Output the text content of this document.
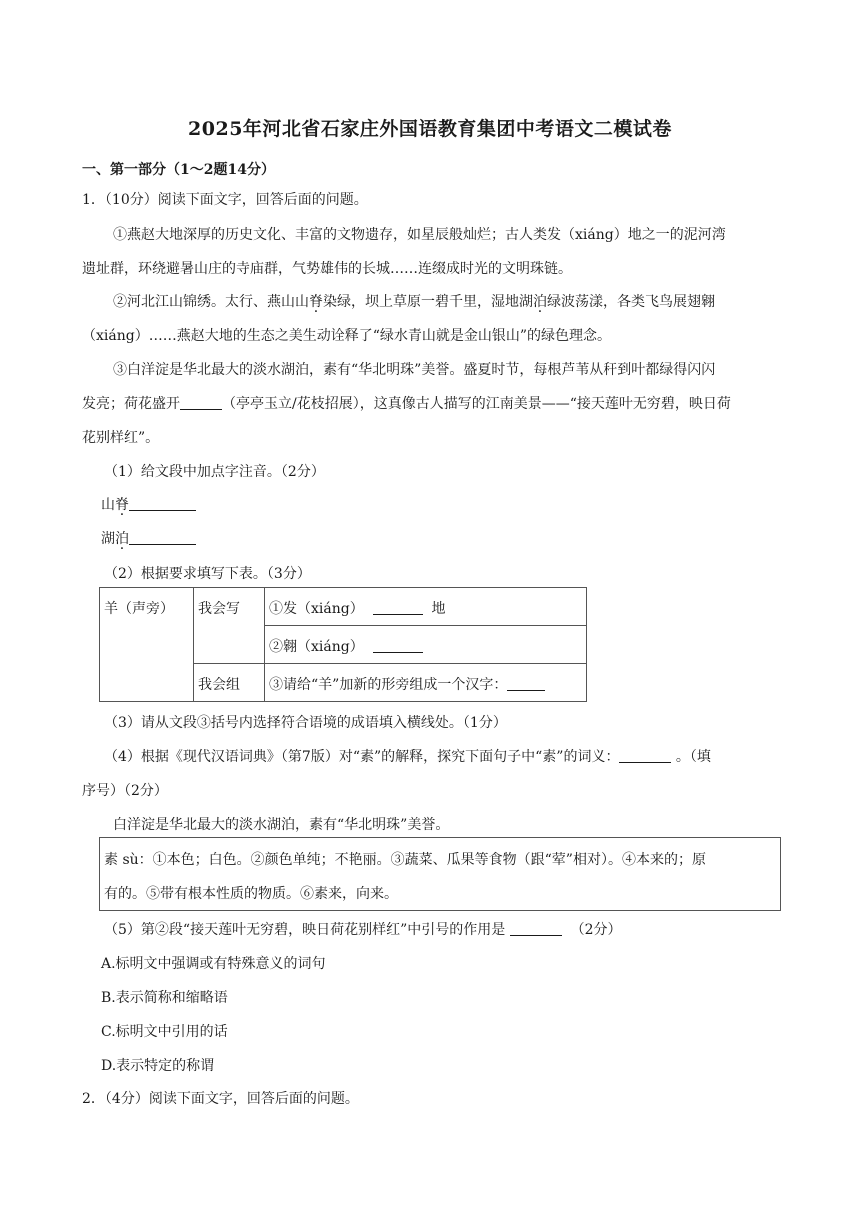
2025年河北省石家庄外国语教育集团中考语文二模试卷
一、第一部分（1～2题14分）
1．（10分）阅读下面文字，回答后面的问题。
①燕赵大地深厚的历史文化、丰富的文物遗存，如星辰般灿烂；古人类发（xiáng）地之一的泥河湾
遗址群，环绕避暑山庄的寺庙群，气势雄伟的长城……连缀成时光的文明珠链。
②河北江山锦绣。太行、燕山山脊染绿，坝上草原一碧千里，湿地湖泊绿波荡漾，各类飞鸟展翅翱
（xiáng）……燕赵大地的生态之美生动诠释了“绿水青山就是金山银山”的绿色理念。
③白洋淀是华北最大的淡水湖泊，素有“华北明珠”美誉。盛夏时节，每根芦苇从秆到叶都绿得闪闪
发亮；荷花盛开	（亭亭玉立/花枝招展），这真像古人描写的江南美景——“接天莲叶无穷碧，映日荷
花别样红”。
（1）给文段中加点字注音。（2分）
山脊
湖泊
（2）根据要求填写下表。（3分）
羊（声旁）	我会写	①发（xiáng） 地
		②翱（xiáng）
	我会组	③请给“羊”加新的形旁组成一个汉字：
（3）请从文段③括号内选择符合语境的成语填入横线处。（1分）
（4）根据《现代汉语词典》（第7版）对“素”的解释，探究下面句子中“素”的词义：	。（填
序号）（2分）
白洋淀是华北最大的淡水湖泊，素有“华北明珠”美誉。
素 sù：①本色；白色。②颜色单纯；不艳丽。③蔬菜、瓜果等食物（跟“荤”相对）。④本来的；原
有的。⑤带有根本性质的物质。⑥素来，向来。
（5）第②段“接天莲叶无穷碧，映日荷花别样红”中引号的作用是	（2分）
A.标明文中强调或有特殊意义的词句
B.表示简称和缩略语
C.标明文中引用的话
D.表示特定的称谓
2．（4分）阅读下面文字，回答后面的问题。
